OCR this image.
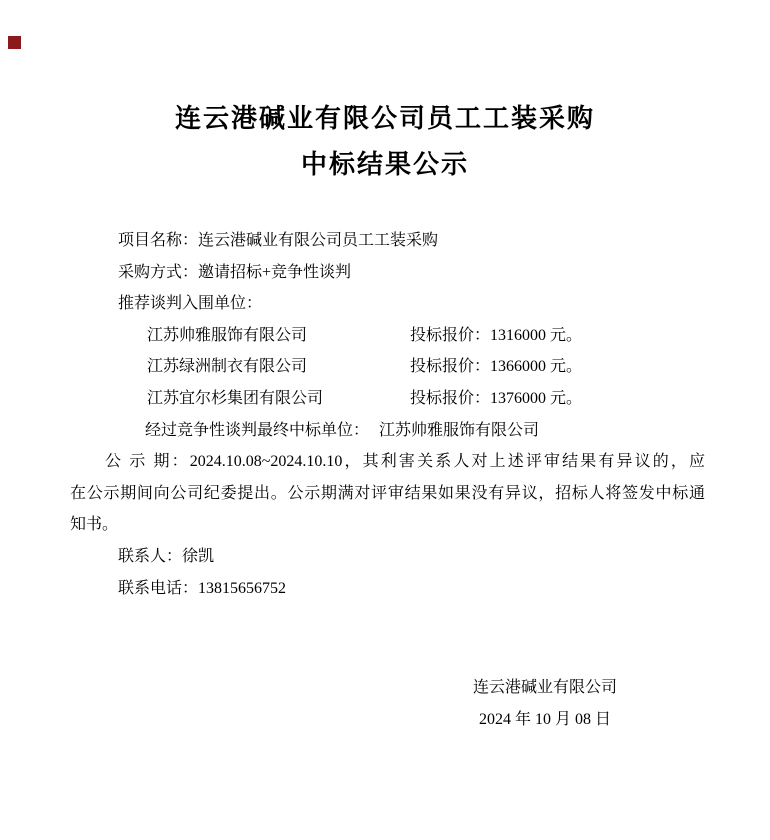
连云港碱业有限公司员工工装采购
中标结果公示
项目名称：连云港碱业有限公司员工工装采购
采购方式：邀请招标+竞争性谈判
推荐谈判入围单位：
江苏帅雅服饰有限公司	投标报价：1316000 元。
江苏绿洲制衣有限公司	投标报价：1366000 元。
江苏宜尔杉集团有限公司	投标报价：1376000 元。
经过竞争性谈判最终中标单位： 江苏帅雅服饰有限公司
公 示 期：2024.10.08~2024.10.10，其利害关系人对上述评审结果有异议的，应
在公示期间向公司纪委提出。公示期满对评审结果如果没有异议，招标人将签发中标通
知书。
联系人：徐凯
联系电话：13815656752
连云港碱业有限公司
2024 年 10 月 08 日
